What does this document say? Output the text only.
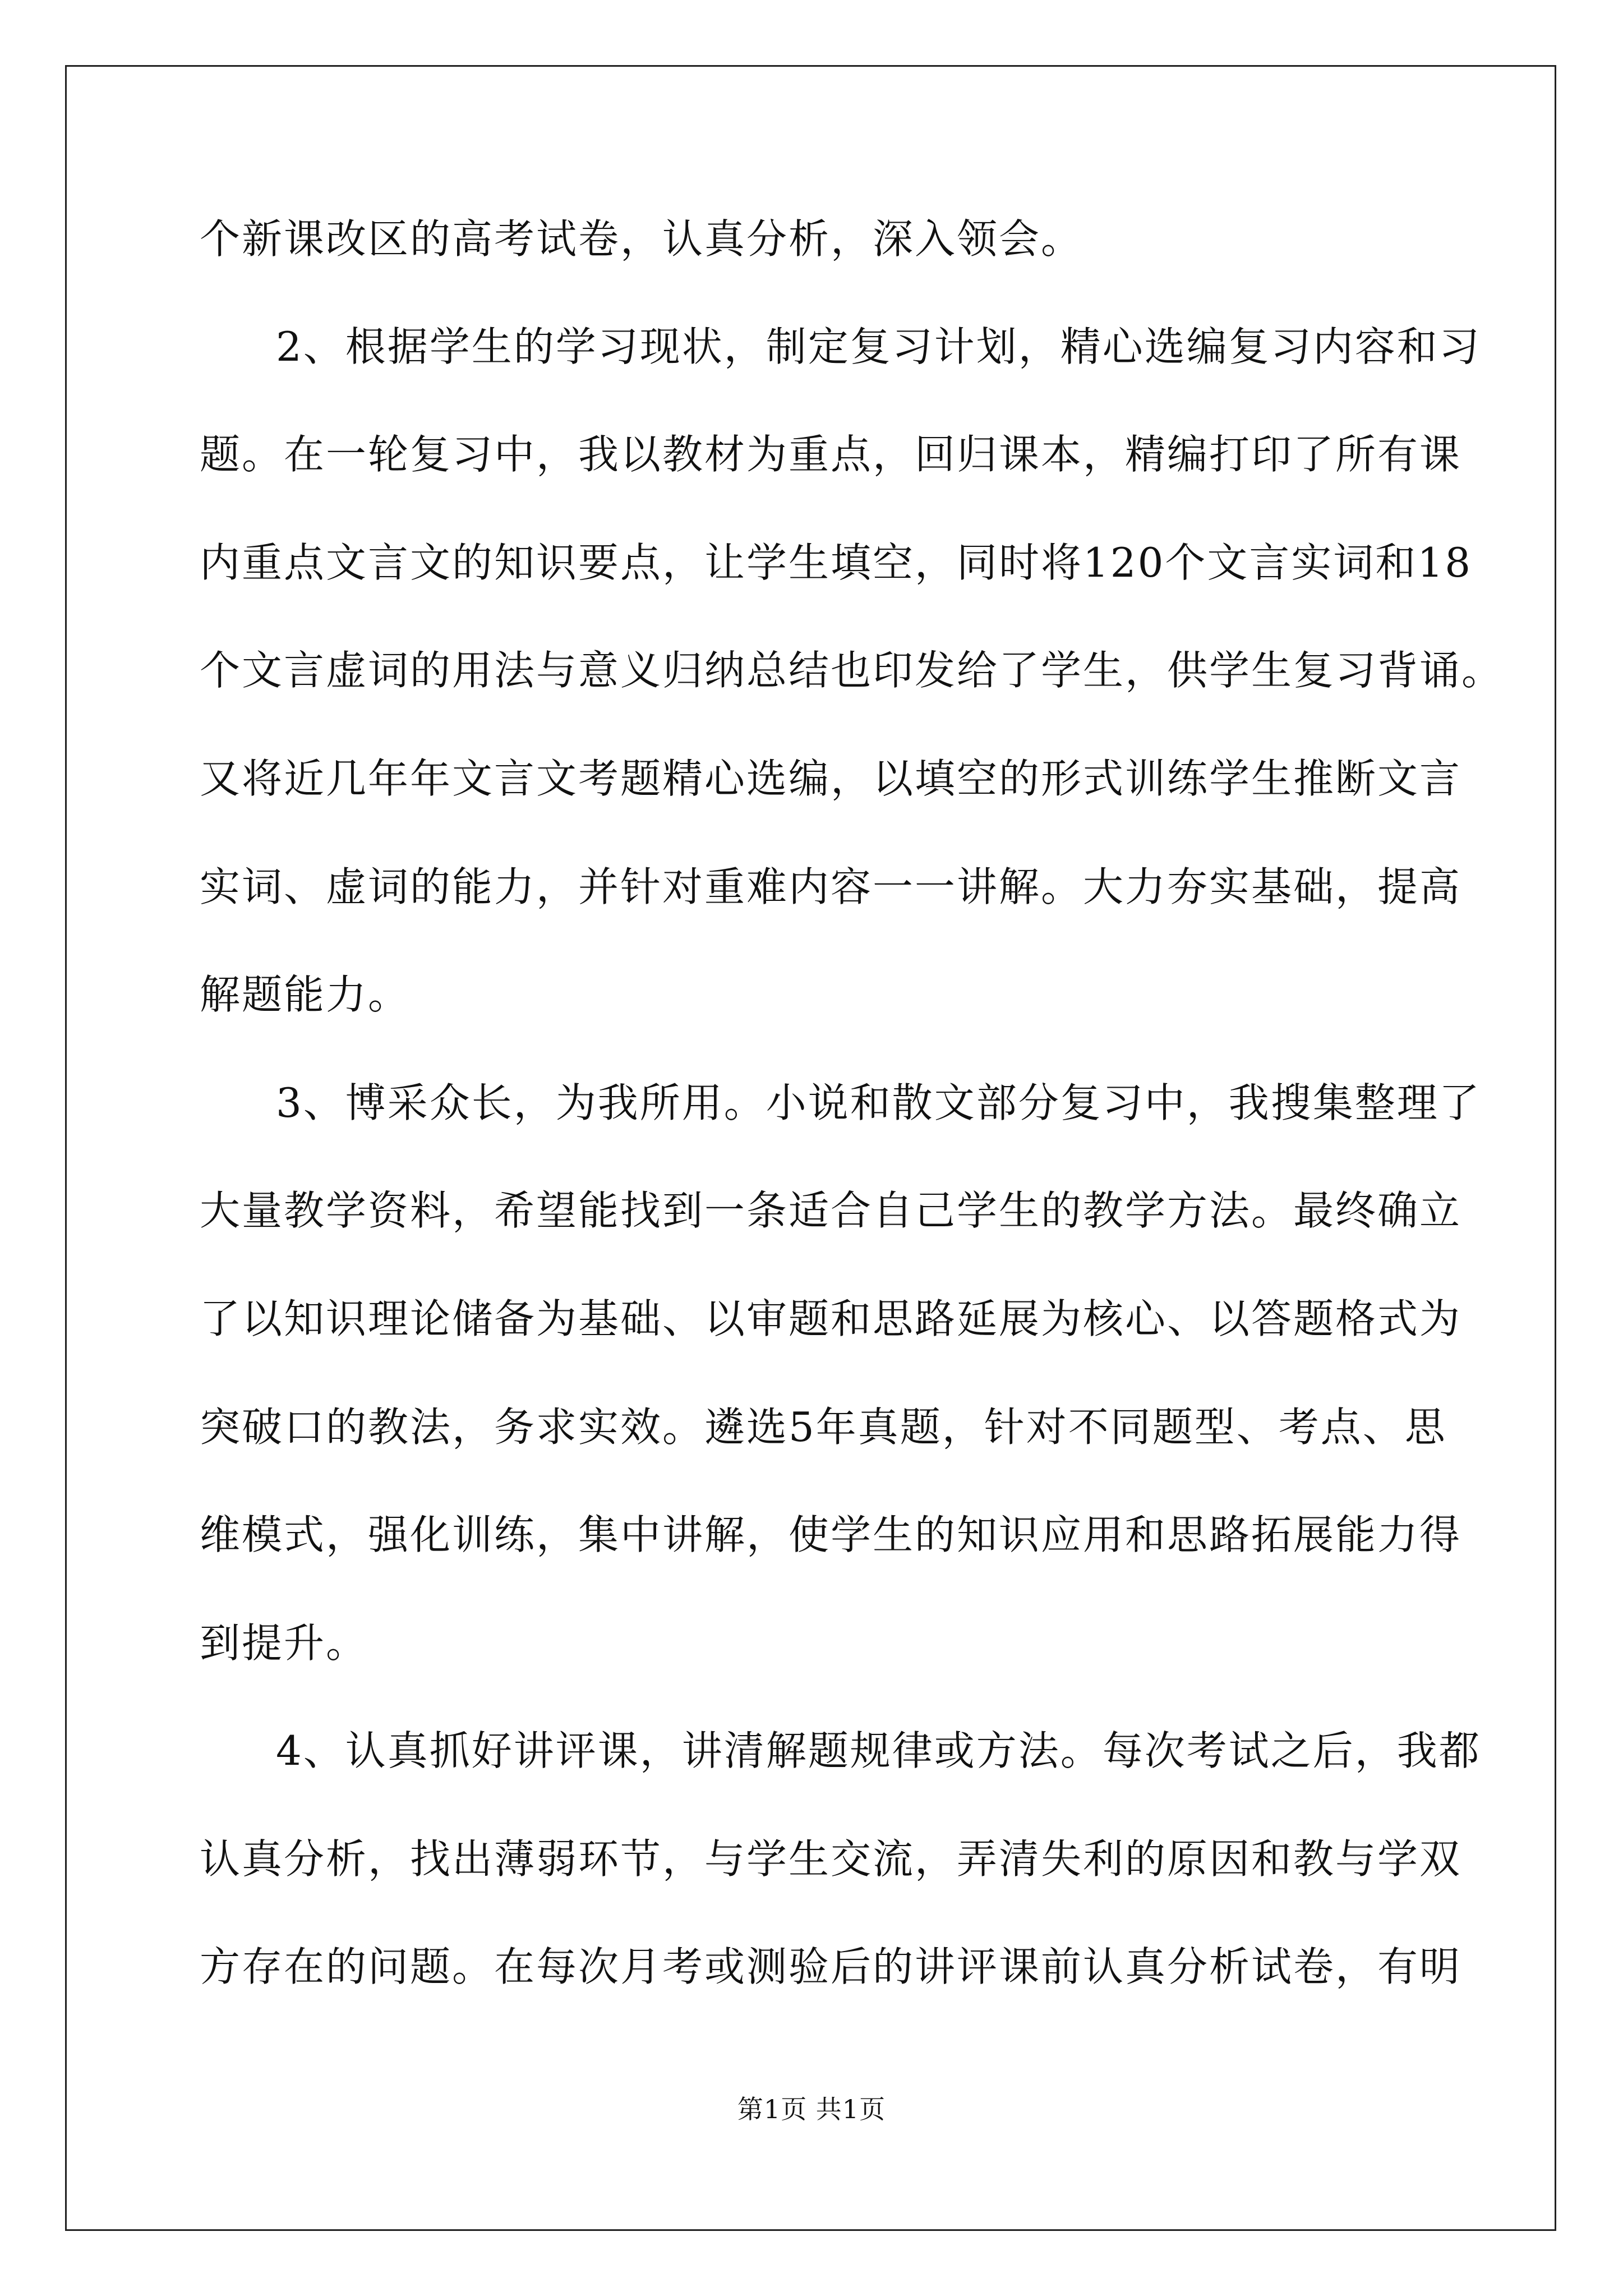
个新课改区的高考试卷，认真分析，深入领会。
2、根据学生的学习现状，制定复习计划，精心选编复习内容和习
题。在一轮复习中，我以教材为重点，回归课本，精编打印了所有课
内重点文言文的知识要点，让学生填空，同时将120个文言实词和18
个文言虚词的用法与意义归纳总结也印发给了学生，供学生复习背诵。
又将近几年年文言文考题精心选编，以填空的形式训练学生推断文言
实词、虚词的能力，并针对重难内容一一讲解。大力夯实基础，提高
解题能力。
3、博采众长，为我所用。小说和散文部分复习中，我搜集整理了
大量教学资料，希望能找到一条适合自己学生的教学方法。最终确立
了以知识理论储备为基础、以审题和思路延展为核心、以答题格式为
突破口的教法，务求实效。遴选5年真题，针对不同题型、考点、思
维模式，强化训练，集中讲解，使学生的知识应用和思路拓展能力得
到提升。
4、认真抓好讲评课，讲清解题规律或方法。每次考试之后，我都
认真分析，找出薄弱环节，与学生交流，弄清失利的原因和教与学双
方存在的问题。在每次月考或测验后的讲评课前认真分析试卷，有明
第1页 共1页
